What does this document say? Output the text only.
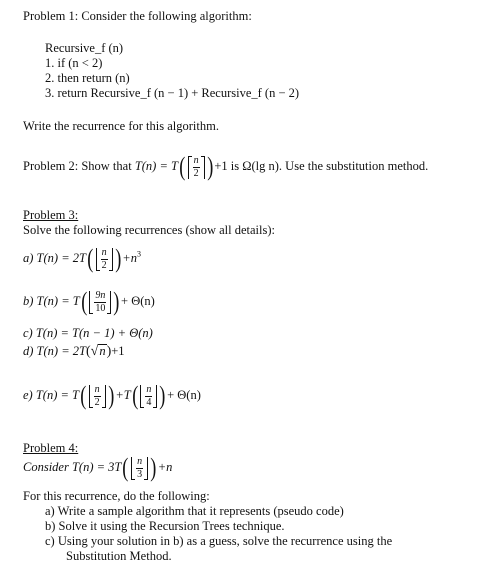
Problem 1: Consider the following algorithm:
Recursive_f (n)
1. if (n < 2)
2. then return (n)
3. return Recursive_f (n − 1) + Recursive_f (n − 2)
Write the recurrence for this algorithm.
Problem 2: Show that $T(n) = T( \frac{n}{2} )+1$ is Ω(lg n). Use the substitution method.
Problem 3:
Solve the following recurrences (show all details):
a) $T(n) = 2T( \frac{n}{2} )+n^3$
b) $T(n) = T( \frac{9n}{10}$ )+ Θ(n)
c) T(n) = T(n − 1) + Θ(n)
d) T(n) = 2T(√n)+1
e) $T(n) = T( \frac{n}{2} )+T( \frac{n}{4}$ )+ Θ(n)
Problem 4:
Consider $T(n) = 3T( \frac{n}{3} )+n$
For this recurrence, do the following:
a) Write a sample algorithm that it represents (pseudo code)
b) Solve it using the Recursion Trees technique.
c) Using your solution in b) as a guess, solve the recurrence using the
Substitution Method.
